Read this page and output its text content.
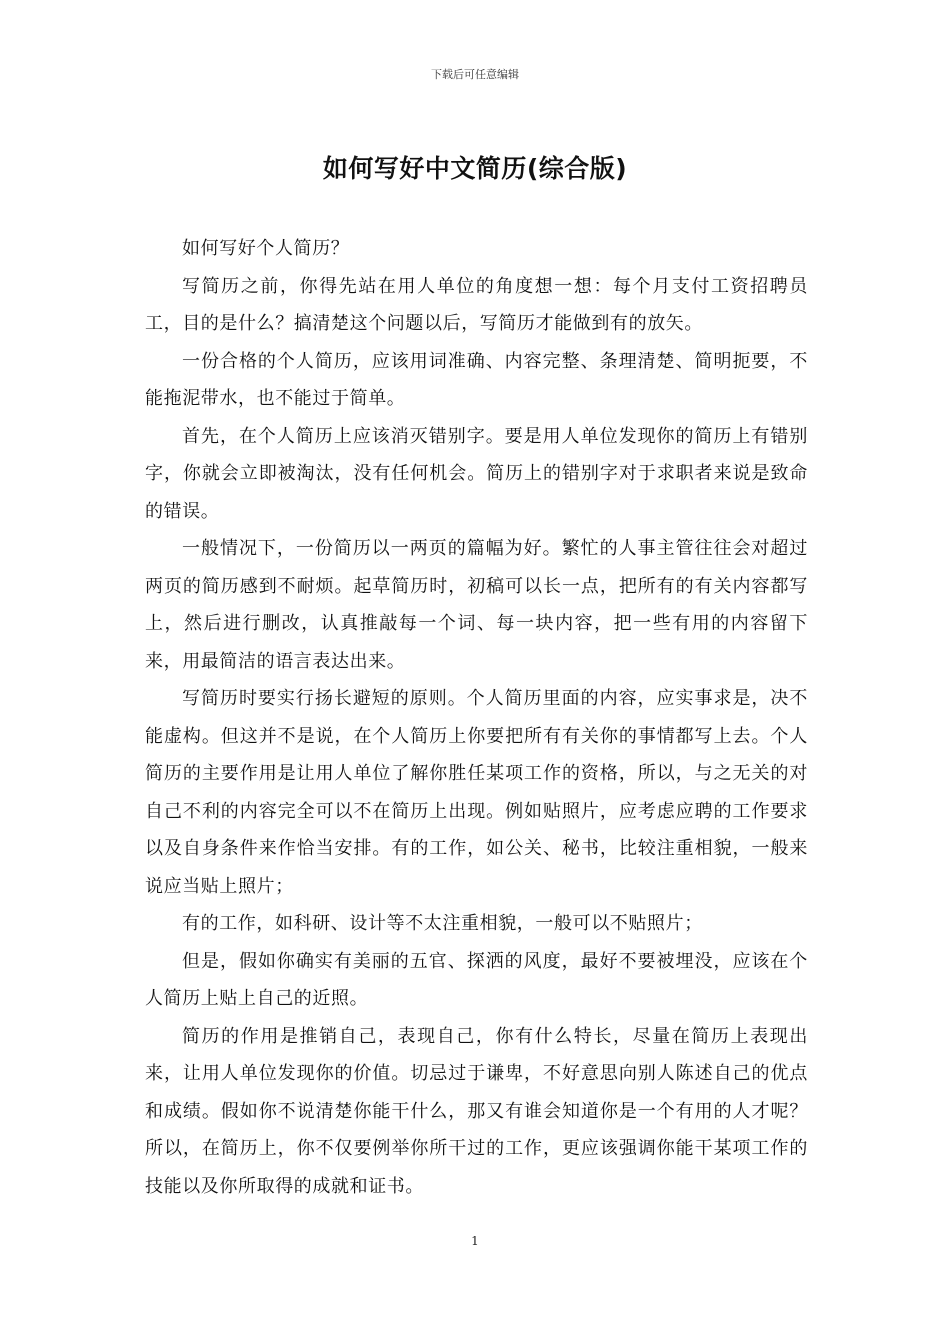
下载后可任意编辑
如何写好中文简历(综合版)

如何写好个人简历？

写简历之前，你得先站在用人单位的角度想一想：每个月支付工资招聘员工，目的是什么？搞清楚这个问题以后，写简历才能做到有的放矢。

一份合格的个人简历，应该用词准确、内容完整、条理清楚、简明扼要，不能拖泥带水，也不能过于简单。

首先，在个人简历上应该消灭错别字。要是用人单位发现你的简历上有错别字，你就会立即被淘汰，没有任何机会。简历上的错别字对于求职者来说是致命的错误。

一般情况下，一份简历以一两页的篇幅为好。繁忙的人事主管往往会对超过两页的简历感到不耐烦。起草简历时，初稿可以长一点，把所有的有关内容都写上，然后进行删改，认真推敲每一个词、每一块内容，把一些有用的内容留下来，用最简洁的语言表达出来。

写简历时要实行扬长避短的原则。个人简历里面的内容，应实事求是，决不能虚构。但这并不是说，在个人简历上你要把所有有关你的事情都写上去。个人简历的主要作用是让用人单位了解你胜任某项工作的资格，所以，与之无关的对自己不利的内容完全可以不在简历上出现。例如贴照片，应考虑应聘的工作要求以及自身条件来作恰当安排。有的工作，如公关、秘书，比较注重相貌，一般来说应当贴上照片；

有的工作，如科研、设计等不太注重相貌，一般可以不贴照片；

但是，假如你确实有美丽的五官、探洒的风度，最好不要被埋没，应该在个人简历上贴上自己的近照。

简历的作用是推销自己，表现自己，你有什么特长，尽量在简历上表现出来，让用人单位发现你的价值。切忌过于谦卑，不好意思向别人陈述自己的优点和成绩。假如你不说清楚你能干什么，那又有谁会知道你是一个有用的人才呢？所以，在简历上，你不仅要例举你所干过的工作，更应该强调你能干某项工作的技能以及你所取得的成就和证书。

1
